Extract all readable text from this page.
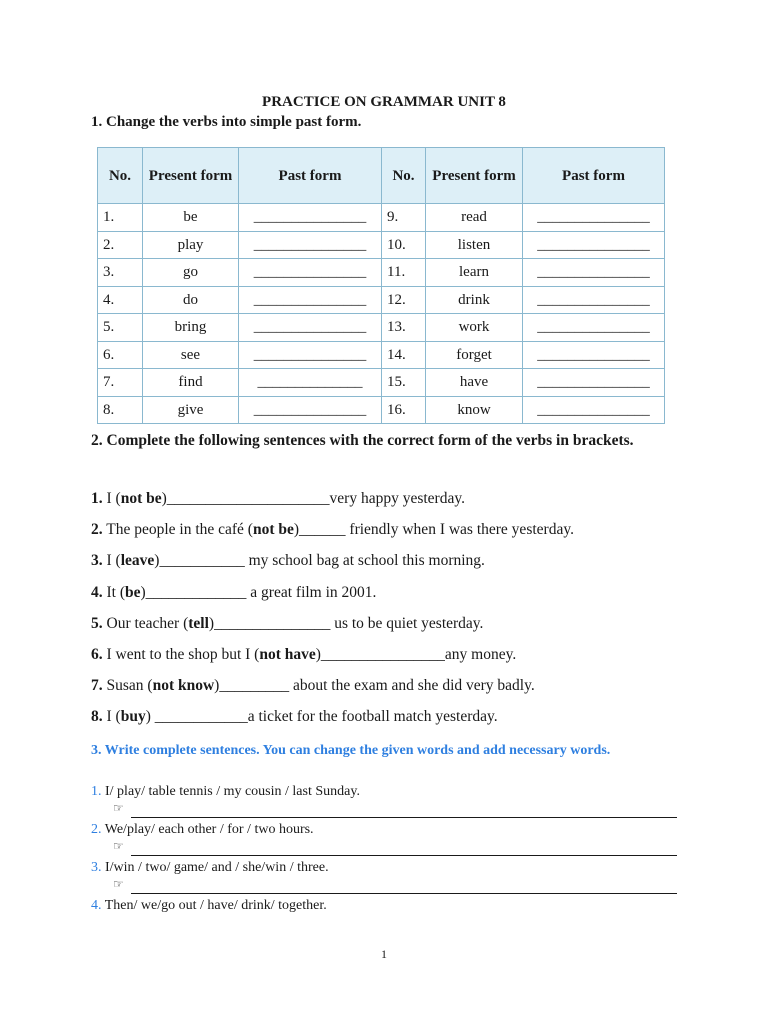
PRACTICE ON GRAMMAR UNIT 8
1. Change the verbs into simple past form.
No.	Present form	Past form	No.	Present form	Past form
1.	be	_______________	9.	read	_______________
2.	play	_______________	10.	listen	_______________
3.	go	_______________	11.	learn	_______________
4.	do	_______________	12.	drink	_______________
5.	bring	_______________	13.	work	_______________
6.	see	_______________	14.	forget	_______________
7.	find	______________	15.	have	_______________
8.	give	_______________	16.	know	_______________
2. Complete the following sentences with the correct form of the verbs in brackets.
1. I (not be)_____________________very happy yesterday.
2. The people in the café (not be)______ friendly when I was there yesterday.
3. I (leave)___________ my school bag at school this morning.
4. It (be)_____________ a great film in 2001.
5. Our teacher (tell)_______________ us to be quiet yesterday.
6. I went to the shop but I (not have)________________any money.
7. Susan (not know)_________ about the exam and she did very badly.
8. I (buy) ____________a ticket for the football match yesterday.
3. Write complete sentences. You can change the given words and add necessary words.
1. I/ play/ table tennis / my cousin / last Sunday.
☞
2. We/play/ each other / for / two hours.
☞
3. I/win / two/ game/ and / she/win / three.
☞
4. Then/ we/go out / have/ drink/ together.
1
